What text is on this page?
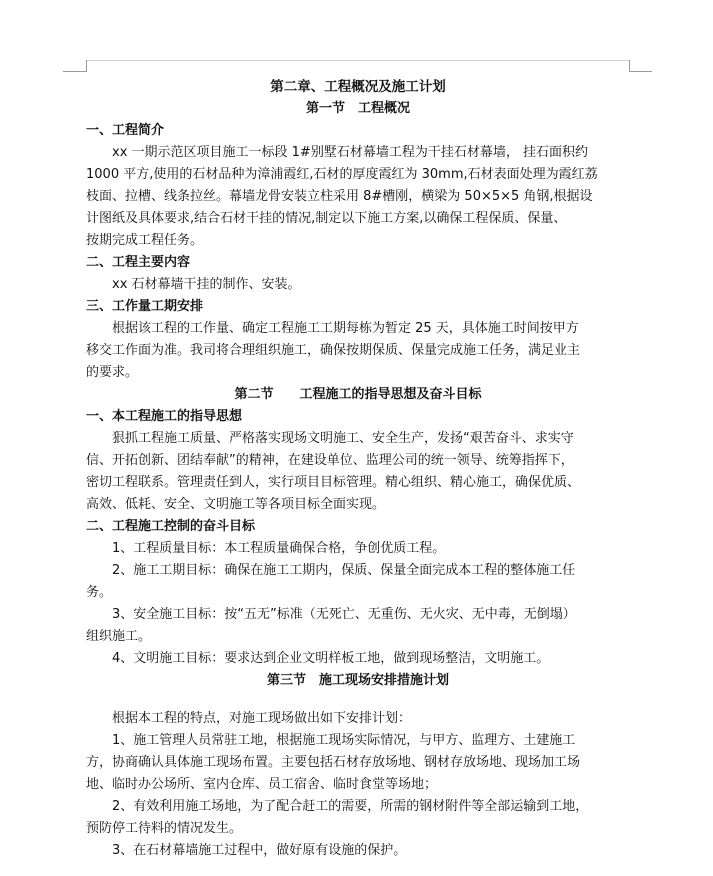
第二章、工程概况及施工计划
第一节　工程概况
一、工程简介
xx 一期示范区项目施工一标段 1#别墅石材幕墙工程为干挂石材幕墙， 挂石面积约
1000 平方,使用的石材品种为漳浦霞红,石材的厚度霞红为 30mm,石材表面处理为霞红荔
枝面、拉槽、线条拉丝。幕墙龙骨安装立柱采用 8#槽刚，横梁为 50×5×5 角钢,根据设
计图纸及具体要求,结合石材干挂的情况,制定以下施工方案,以确保工程保质、保量、
按期完成工程任务。
二、工程主要内容
xx 石材幕墙干挂的制作、安装。
三、工作量工期安排
根据该工程的工作量、确定工程施工工期每栋为暂定 25 天，具体施工时间按甲方
移交工作面为准。我司将合理组织施工，确保按期保质、保量完成施工任务，满足业主
的要求。
第二节　　工程施工的指导思想及奋斗目标
一、本工程施工的指导思想
狠抓工程施工质量、严格落实现场文明施工、安全生产，发扬“艰苦奋斗、求实守
信、开拓创新、团结奉献”的精神，在建设单位、监理公司的统一领导、统筹指挥下，
密切工程联系。管理责任到人，实行项目目标管理。精心组织、精心施工，确保优质、
高效、低耗、安全、文明施工等各项目标全面实现。
二、工程施工控制的奋斗目标
1、工程质量目标：本工程质量确保合格，争创优质工程。
2、施工工期目标：确保在施工工期内，保质、保量全面完成本工程的整体施工任
务。
3、安全施工目标：按“五无”标准（无死亡、无重伤、无火灾、无中毒，无倒塌）
组织施工。
4、文明施工目标：要求达到企业文明样板工地，做到现场整洁，文明施工。
第三节　施工现场安排措施计划
根据本工程的特点，对施工现场做出如下安排计划：
1、施工管理人员常驻工地，根据施工现场实际情况，与甲方、监理方、土建施工
方，协商确认具体施工现场布置。主要包括石材存放场地、钢材存放场地、现场加工场
地、临时办公场所、室内仓库、员工宿舍、临时食堂等场地；
2、有效利用施工场地，为了配合赶工的需要，所需的钢材附件等全部运输到工地，
预防停工待料的情况发生。
3、在石材幕墙施工过程中，做好原有设施的保护。
